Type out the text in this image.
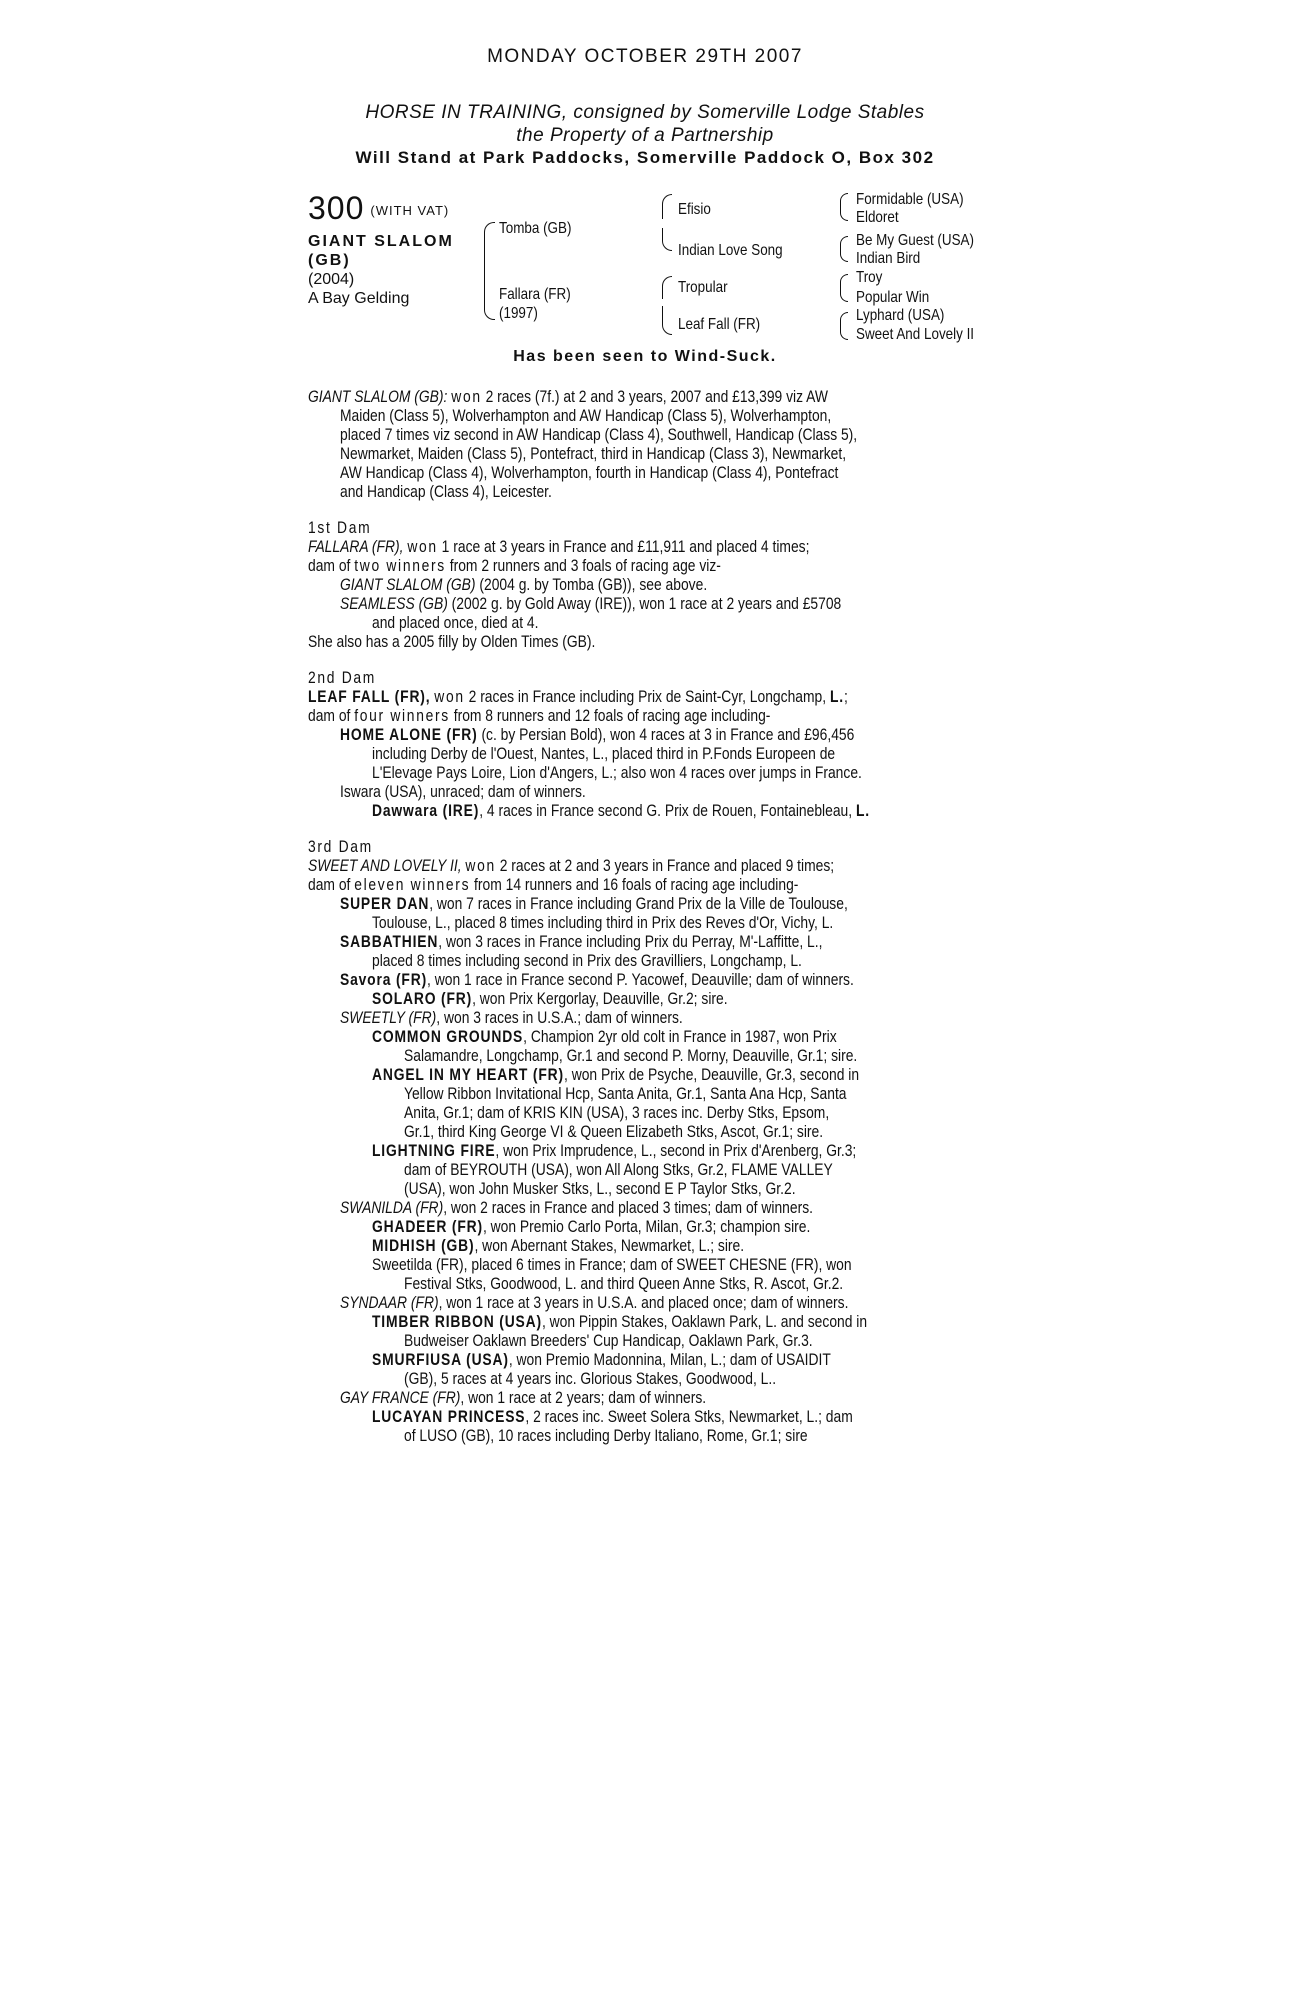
MONDAY OCTOBER 29TH 2007
HORSE IN TRAINING, consigned by Somerville Lodge Stables
the Property of a Partnership
Will Stand at Park Paddocks, Somerville Paddock O, Box 302
300 (WITH VAT)
GIANT SLALOM
(GB)
(2004)
A Bay Gelding
Tomba (GB)
Fallara (FR)
(1997)
Efisio
Indian Love Song
Tropular
Leaf Fall (FR)
Formidable (USA)
Eldoret
Be My Guest (USA)
Indian Bird
Troy
Popular Win
Lyphard (USA)
Sweet And Lovely II
Has been seen to Wind-Suck.
GIANT SLALOM (GB): won 2 races (7f.) at 2 and 3 years, 2007 and £13,399 viz AW
Maiden (Class 5), Wolverhampton and AW Handicap (Class 5), Wolverhampton,
placed 7 times viz second in AW Handicap (Class 4), Southwell, Handicap (Class 5),
Newmarket, Maiden (Class 5), Pontefract, third in Handicap (Class 3), Newmarket,
AW Handicap (Class 4), Wolverhampton, fourth in Handicap (Class 4), Pontefract
and Handicap (Class 4), Leicester.
1st Dam
FALLARA (FR), won 1 race at 3 years in France and £11,911 and placed 4 times;
dam of two winners from 2 runners and 3 foals of racing age viz-
GIANT SLALOM (GB) (2004 g. by Tomba (GB)), see above.
SEAMLESS (GB) (2002 g. by Gold Away (IRE)), won 1 race at 2 years and £5708
and placed once, died at 4.
She also has a 2005 filly by Olden Times (GB).
2nd Dam
LEAF FALL (FR), won 2 races in France including Prix de Saint-Cyr, Longchamp, L.;
dam of four winners from 8 runners and 12 foals of racing age including-
HOME ALONE (FR) (c. by Persian Bold), won 4 races at 3 in France and £96,456
including Derby de l'Ouest, Nantes, L., placed third in P.Fonds Europeen de
L'Elevage Pays Loire, Lion d'Angers, L.; also won 4 races over jumps in France.
Iswara (USA), unraced; dam of winners.
Dawwara (IRE), 4 races in France second G. Prix de Rouen, Fontainebleau, L.
3rd Dam
SWEET AND LOVELY II, won 2 races at 2 and 3 years in France and placed 9 times;
dam of eleven winners from 14 runners and 16 foals of racing age including-
SUPER DAN, won 7 races in France including Grand Prix de la Ville de Toulouse,
Toulouse, L., placed 8 times including third in Prix des Reves d'Or, Vichy, L.
SABBATHIEN, won 3 races in France including Prix du Perray, M'-Laffitte, L.,
placed 8 times including second in Prix des Gravilliers, Longchamp, L.
Savora (FR), won 1 race in France second P. Yacowef, Deauville; dam of winners.
SOLARO (FR), won Prix Kergorlay, Deauville, Gr.2; sire.
SWEETLY (FR), won 3 races in U.S.A.; dam of winners.
COMMON GROUNDS, Champion 2yr old colt in France in 1987, won Prix
Salamandre, Longchamp, Gr.1 and second P. Morny, Deauville, Gr.1; sire.
ANGEL IN MY HEART (FR), won Prix de Psyche, Deauville, Gr.3, second in
Yellow Ribbon Invitational Hcp, Santa Anita, Gr.1, Santa Ana Hcp, Santa
Anita, Gr.1; dam of KRIS KIN (USA), 3 races inc. Derby Stks, Epsom,
Gr.1, third King George VI & Queen Elizabeth Stks, Ascot, Gr.1; sire.
LIGHTNING FIRE, won Prix Imprudence, L., second in Prix d'Arenberg, Gr.3;
dam of BEYROUTH (USA), won All Along Stks, Gr.2, FLAME VALLEY
(USA), won John Musker Stks, L., second E P Taylor Stks, Gr.2.
SWANILDA (FR), won 2 races in France and placed 3 times; dam of winners.
GHADEER (FR), won Premio Carlo Porta, Milan, Gr.3; champion sire.
MIDHISH (GB), won Abernant Stakes, Newmarket, L.; sire.
Sweetilda (FR), placed 6 times in France; dam of SWEET CHESNE (FR), won
Festival Stks, Goodwood, L. and third Queen Anne Stks, R. Ascot, Gr.2.
SYNDAAR (FR), won 1 race at 3 years in U.S.A. and placed once; dam of winners.
TIMBER RIBBON (USA), won Pippin Stakes, Oaklawn Park, L. and second in
Budweiser Oaklawn Breeders' Cup Handicap, Oaklawn Park, Gr.3.
SMURFIUSA (USA), won Premio Madonnina, Milan, L.; dam of USAIDIT
(GB), 5 races at 4 years inc. Glorious Stakes, Goodwood, L..
GAY FRANCE (FR), won 1 race at 2 years; dam of winners.
LUCAYAN PRINCESS, 2 races inc. Sweet Solera Stks, Newmarket, L.; dam
of LUSO (GB), 10 races including Derby Italiano, Rome, Gr.1; sire
